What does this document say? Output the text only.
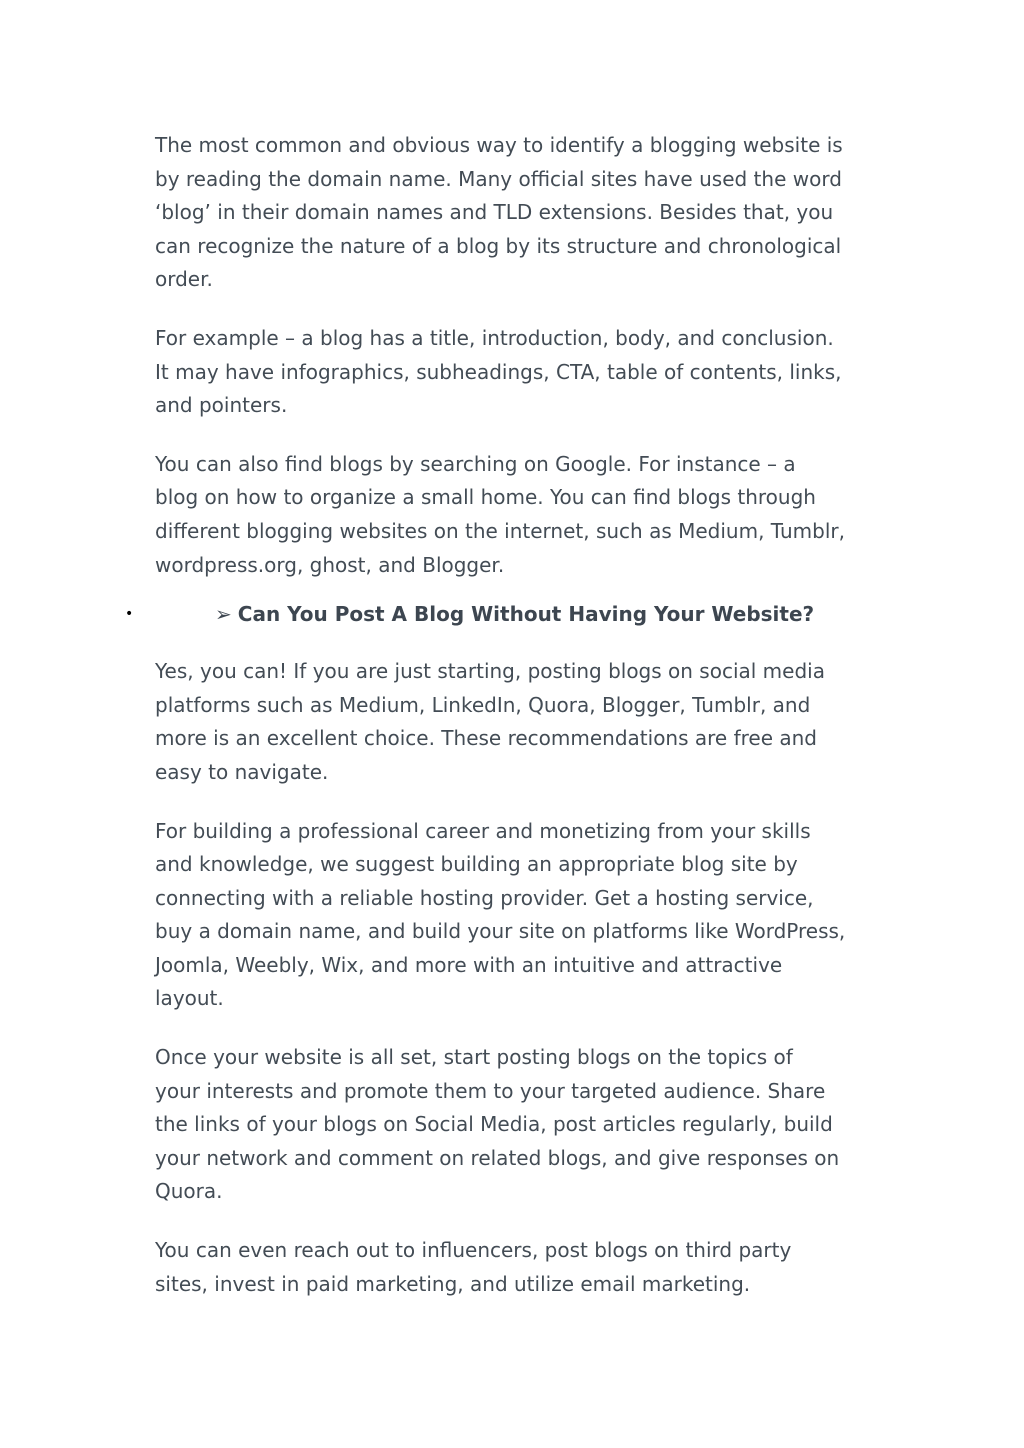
The most common and obvious way to identify a blogging website is
by reading the domain name. Many official sites have used the word
‘blog’ in their domain names and TLD extensions. Besides that, you
can recognize the nature of a blog by its structure and chronological
order.

For example – a blog has a title, introduction, body, and conclusion.
It may have infographics, subheadings, CTA, table of contents, links,
and pointers.

You can also find blogs by searching on Google. For instance – a
blog on how to organize a small home. You can find blogs through
different blogging websites on the internet, such as Medium, Tumblr,
wordpress.org, ghost, and Blogger.

•	➢ Can You Post A Blog Without Having Your Website?

Yes, you can! If you are just starting, posting blogs on social media
platforms such as Medium, LinkedIn, Quora, Blogger, Tumblr, and
more is an excellent choice. These recommendations are free and
easy to navigate.

For building a professional career and monetizing from your skills
and knowledge, we suggest building an appropriate blog site by
connecting with a reliable hosting provider. Get a hosting service,
buy a domain name, and build your site on platforms like WordPress,
Joomla, Weebly, Wix, and more with an intuitive and attractive
layout.

Once your website is all set, start posting blogs on the topics of
your interests and promote them to your targeted audience. Share
the links of your blogs on Social Media, post articles regularly, build
your network and comment on related blogs, and give responses on
Quora.

You can even reach out to influencers, post blogs on third party
sites, invest in paid marketing, and utilize email marketing.
